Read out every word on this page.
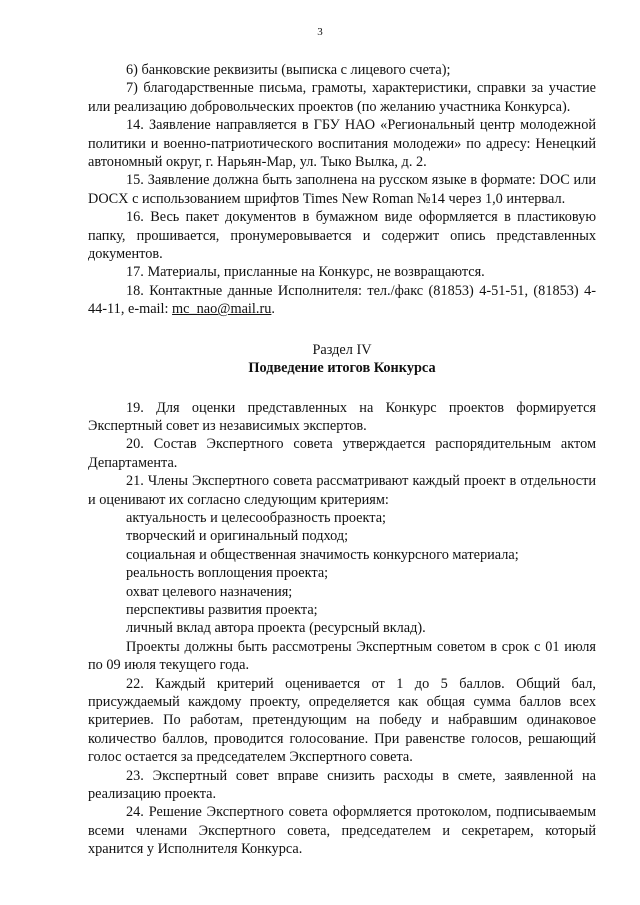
3

6) банковские реквизиты (выписка с лицевого счета);

7) благодарственные письма, грамоты, характеристики, справки за участие или реализацию добровольческих проектов (по желанию участника Конкурса).

14. Заявление направляется в ГБУ НАО «Региональный центр молодежной политики и военно-патриотического воспитания молодежи» по адресу: Ненецкий автономный округ, г. Нарьян-Мар, ул. Тыко Вылка, д. 2.

15. Заявление должна быть заполнена на русском языке в формате: DOC или DOCX с использованием шрифтов Times New Roman №14 через 1,0 интервал.

16. Весь пакет документов в бумажном виде оформляется в пластиковую папку, прошивается, пронумеровывается и содержит опись представленных документов.

17. Материалы, присланные на Конкурс, не возвращаются.

18. Контактные данные Исполнителя: тел./факс (81853) 4-51-51, (81853) 4-44-11, e-mail: mc_nao@mail.ru.

Раздел IV

Подведение итогов Конкурса

19. Для оценки представленных на Конкурс проектов формируется Экспертный совет из независимых экспертов.

20. Состав Экспертного совета утверждается распорядительным актом Департамента.

21. Члены Экспертного совета рассматривают каждый проект в отдельности и оценивают их согласно следующим критериям:

актуальность и целесообразность проекта;

творческий и оригинальный подход;

социальная и общественная значимость конкурсного материала;

реальность воплощения проекта;

охват целевого назначения;

перспективы развития проекта;

личный вклад автора проекта (ресурсный вклад).

Проекты должны быть рассмотрены Экспертным советом в срок с 01 июля по 09 июля текущего года.

22. Каждый критерий оценивается от 1 до 5 баллов. Общий бал, присуждаемый каждому проекту, определяется как общая сумма баллов всех критериев. По работам, претендующим на победу и набравшим одинаковое количество баллов, проводится голосование. При равенстве голосов, решающий голос остается за председателем Экспертного совета.

23. Экспертный совет вправе снизить расходы в смете, заявленной на реализацию проекта.

24. Решение Экспертного совета оформляется протоколом, подписываемым всеми членами Экспертного совета, председателем и секретарем, который хранится у Исполнителя Конкурса.
